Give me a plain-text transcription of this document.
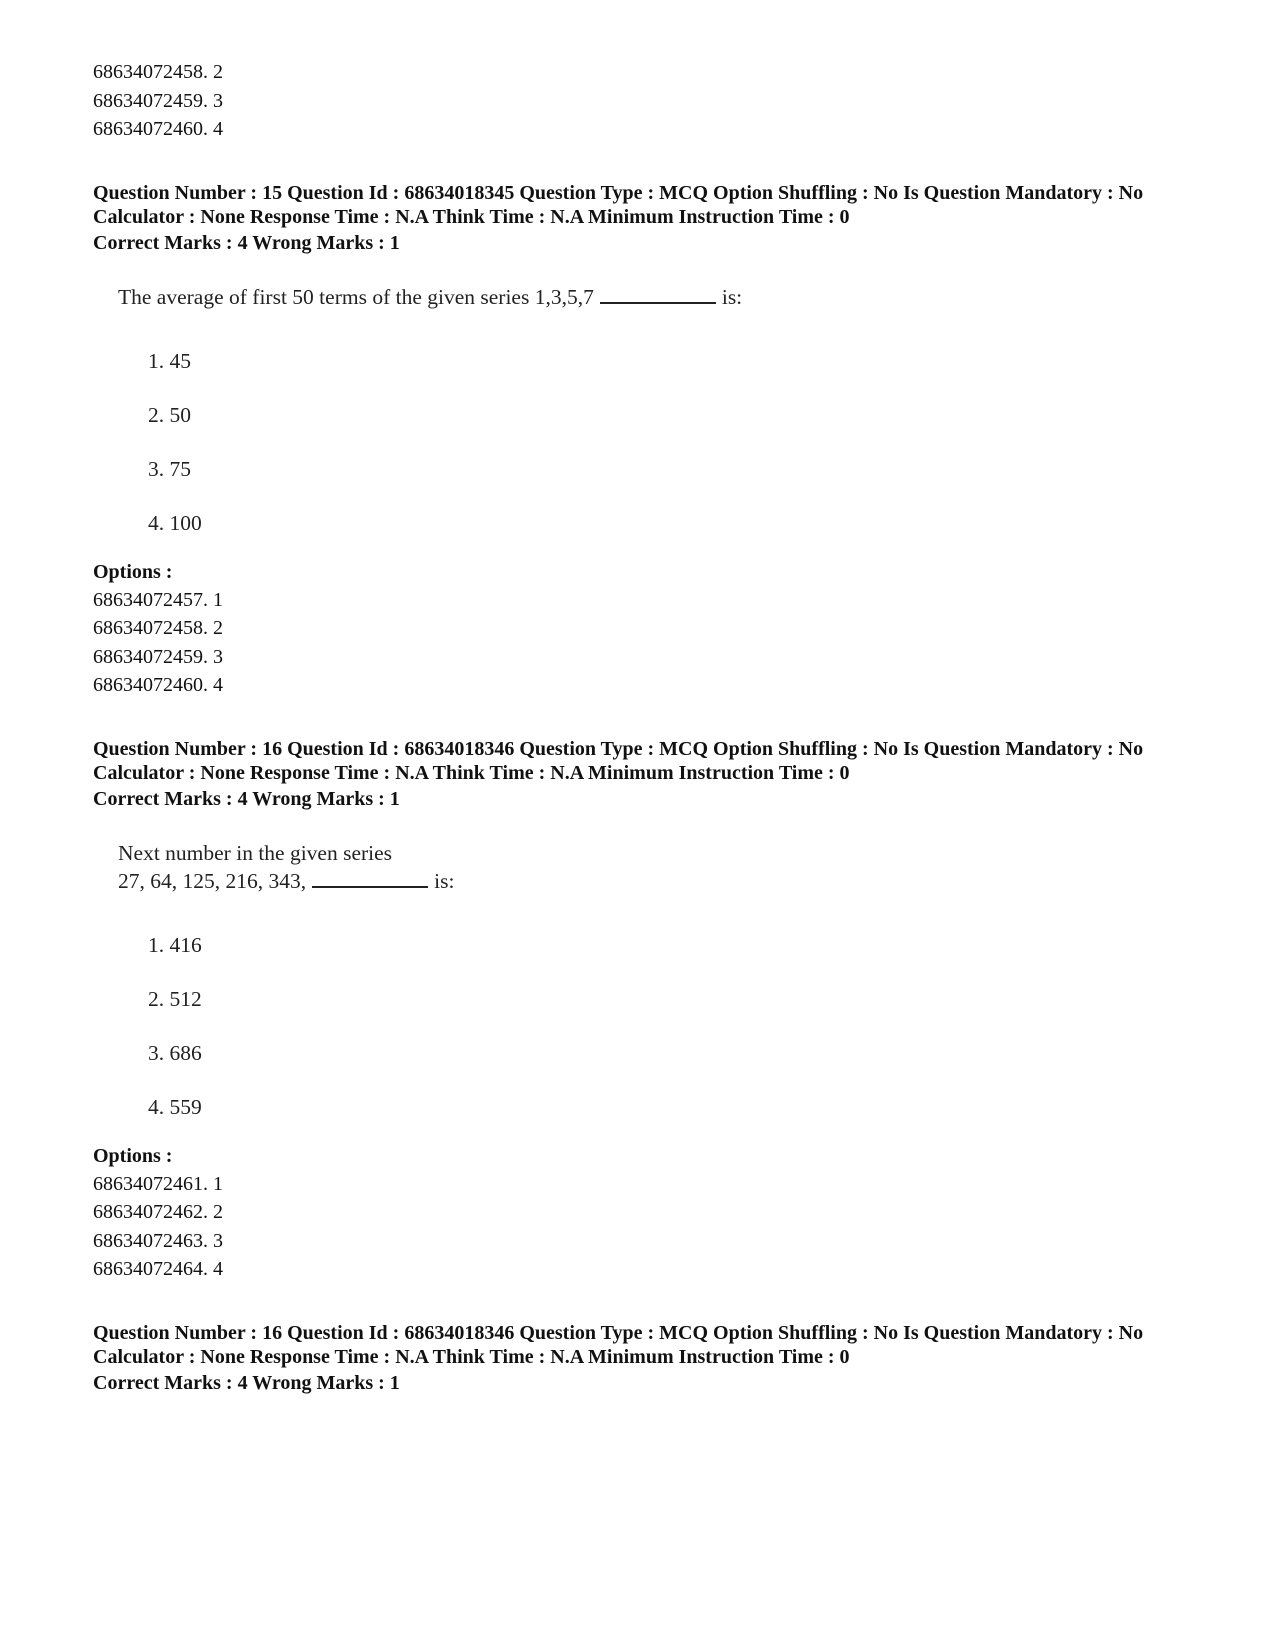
68634072458. 2
68634072459. 3
68634072460. 4
Question Number : 15 Question Id : 68634018345 Question Type : MCQ Option Shuffling : No Is Question Mandatory : No Calculator : None Response Time : N.A Think Time : N.A Minimum Instruction Time : 0
Correct Marks : 4 Wrong Marks : 1
The average of first 50 terms of the given series 1,3,5,7	is:
1. 45
2. 50
3. 75
4. 100
Options :
68634072457. 1
68634072458. 2
68634072459. 3
68634072460. 4
Question Number : 16 Question Id : 68634018346 Question Type : MCQ Option Shuffling : No Is Question Mandatory : No Calculator : None Response Time : N.A Think Time : N.A Minimum Instruction Time : 0
Correct Marks : 4 Wrong Marks : 1
Next number in the given series
27, 64, 125, 216, 343,	is:
1. 416
2. 512
3. 686
4. 559
Options :
68634072461. 1
68634072462. 2
68634072463. 3
68634072464. 4
Question Number : 16 Question Id : 68634018346 Question Type : MCQ Option Shuffling : No Is Question Mandatory : No Calculator : None Response Time : N.A Think Time : N.A Minimum Instruction Time : 0
Correct Marks : 4 Wrong Marks : 1
